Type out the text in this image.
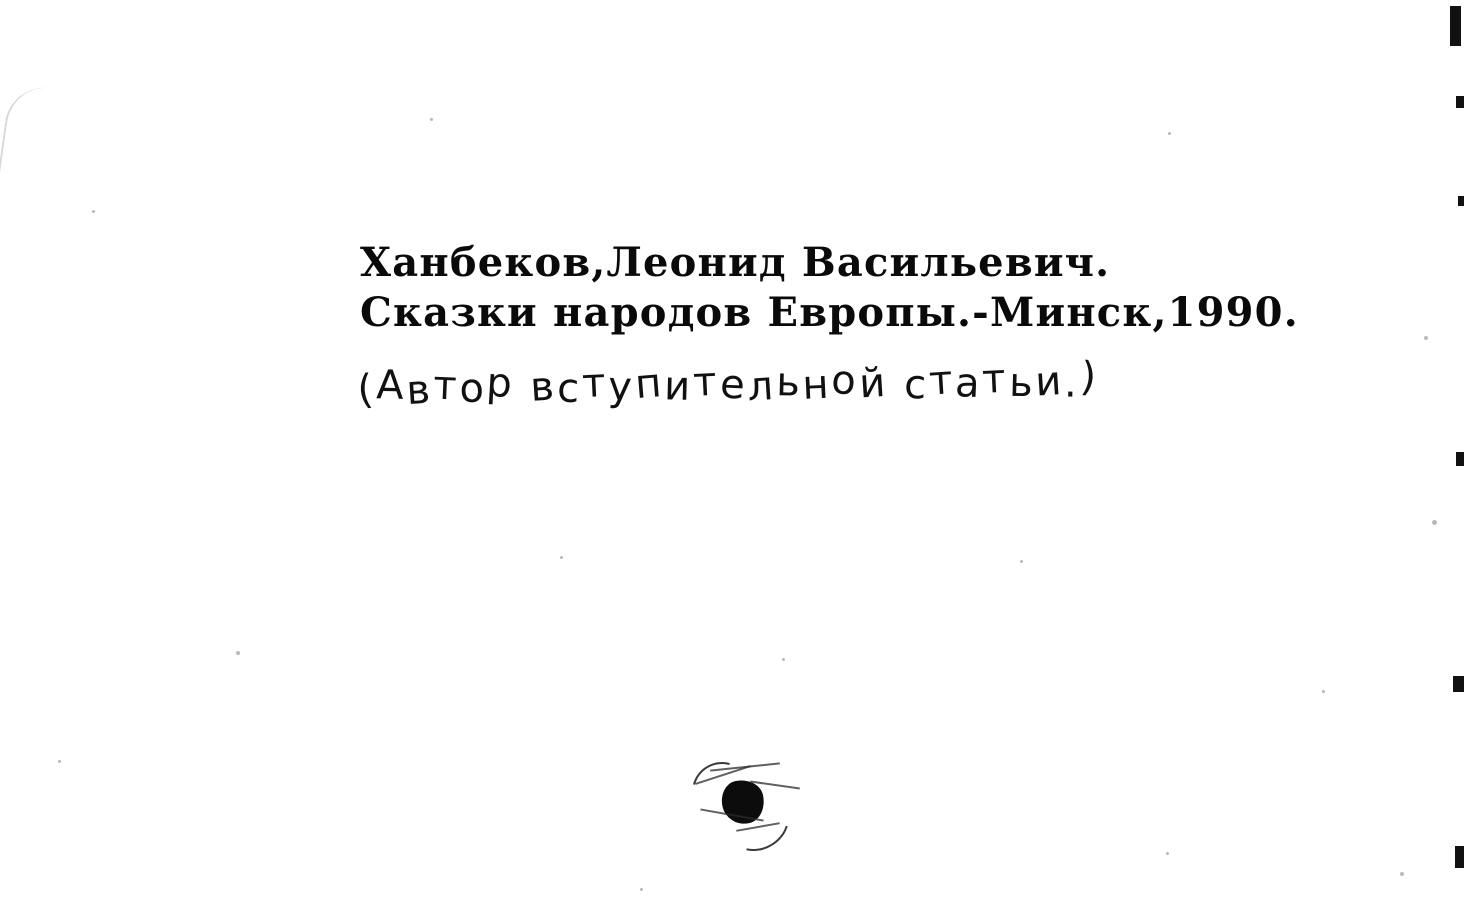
Ханбеков,Леонид Васильевич.
Сказки народов Европы.-Минск,1990.
(Автор вступительной статьи.)
